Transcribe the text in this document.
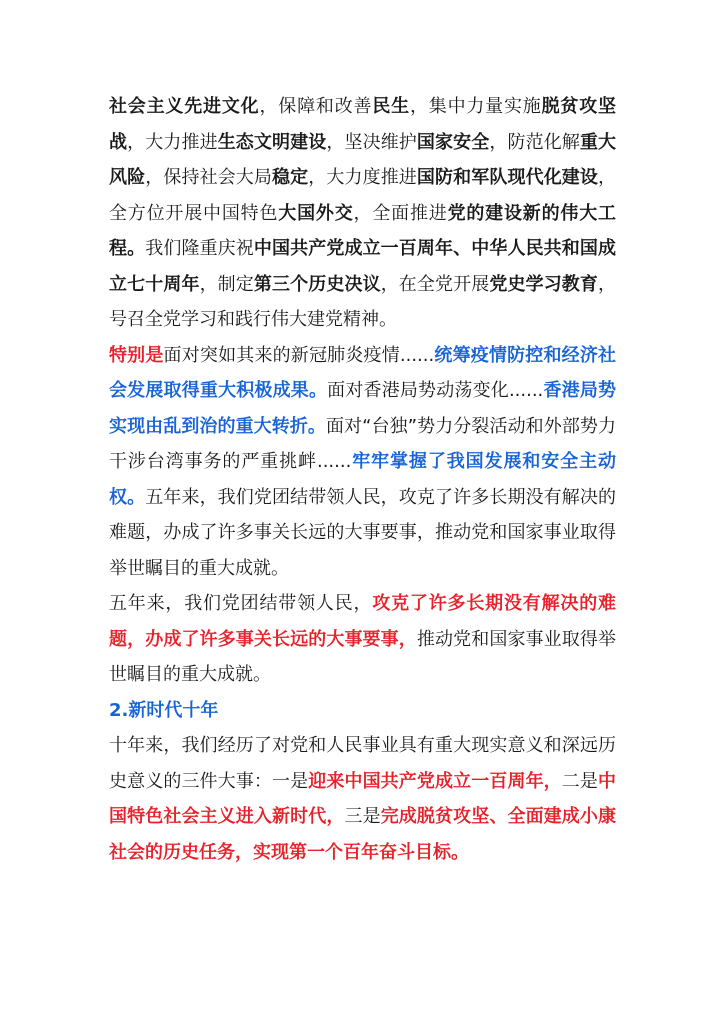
社会主义先进文化，保障和改善民生，集中力量实施脱贫攻坚战，大力推进生态文明建设，坚决维护国家安全，防范化解重大风险，保持社会大局稳定，大力度推进国防和军队现代化建设，全方位开展中国特色大国外交，全面推进党的建设新的伟大工程。我们隆重庆祝中国共产党成立一百周年、中华人民共和国成立七十周年，制定第三个历史决议，在全党开展党史学习教育，号召全党学习和践行伟大建党精神。

特别是面对突如其来的新冠肺炎疫情......统筹疫情防控和经济社会发展取得重大积极成果。面对香港局势动荡变化......香港局势实现由乱到治的重大转折。面对“台独”势力分裂活动和外部势力干涉台湾事务的严重挑衅......牢牢掌握了我国发展和安全主动权。五年来，我们党团结带领人民，攻克了许多长期没有解决的难题，办成了许多事关长远的大事要事，推动党和国家事业取得举世瞩目的重大成就。

五年来，我们党团结带领人民，攻克了许多长期没有解决的难题，办成了许多事关长远的大事要事，推动党和国家事业取得举世瞩目的重大成就。

2.新时代十年

十年来，我们经历了对党和人民事业具有重大现实意义和深远历史意义的三件大事：一是迎来中国共产党成立一百周年，二是中国特色社会主义进入新时代，三是完成脱贫攻坚、全面建成小康社会的历史任务，实现第一个百年奋斗目标。
